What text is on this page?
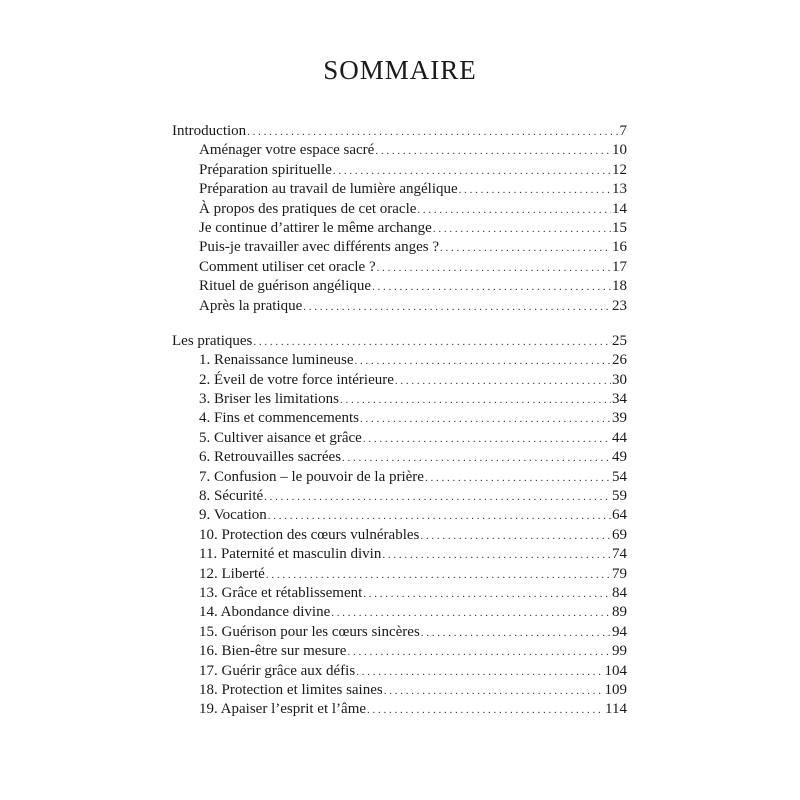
SOMMAIRE
Introduction . . .	7
Aménager votre espace sacré . . .	10
Préparation spirituelle . . .	12
Préparation au travail de lumière angélique . . .	13
À propos des pratiques de cet oracle . . .	14
Je continue d’attirer le même archange . . .	15
Puis-je travailler avec différents anges ? . . .	16
Comment utiliser cet oracle ? . . .	17
Rituel de guérison angélique . . .	18
Après la pratique . . .	23
Les pratiques . . .	25
1. Renaissance lumineuse . . .	26
2. Éveil de votre force intérieure . . .	30
3. Briser les limitations . . .	34
4. Fins et commencements . . .	39
5. Cultiver aisance et grâce . . .	44
6. Retrouvailles sacrées . . .	49
7. Confusion – le pouvoir de la prière . . .	54
8. Sécurité . . .	59
9. Vocation . . .	64
10. Protection des cœurs vulnérables . . .	69
11. Paternité et masculin divin . . .	74
12. Liberté . . .	79
13. Grâce et rétablissement . . .	84
14. Abondance divine . . .	89
15. Guérison pour les cœurs sincères . . .	94
16. Bien-être sur mesure . . .	99
17. Guérir grâce aux défis . . .	104
18. Protection et limites saines . . .	109
19. Apaiser l’esprit et l’âme . . .	114
